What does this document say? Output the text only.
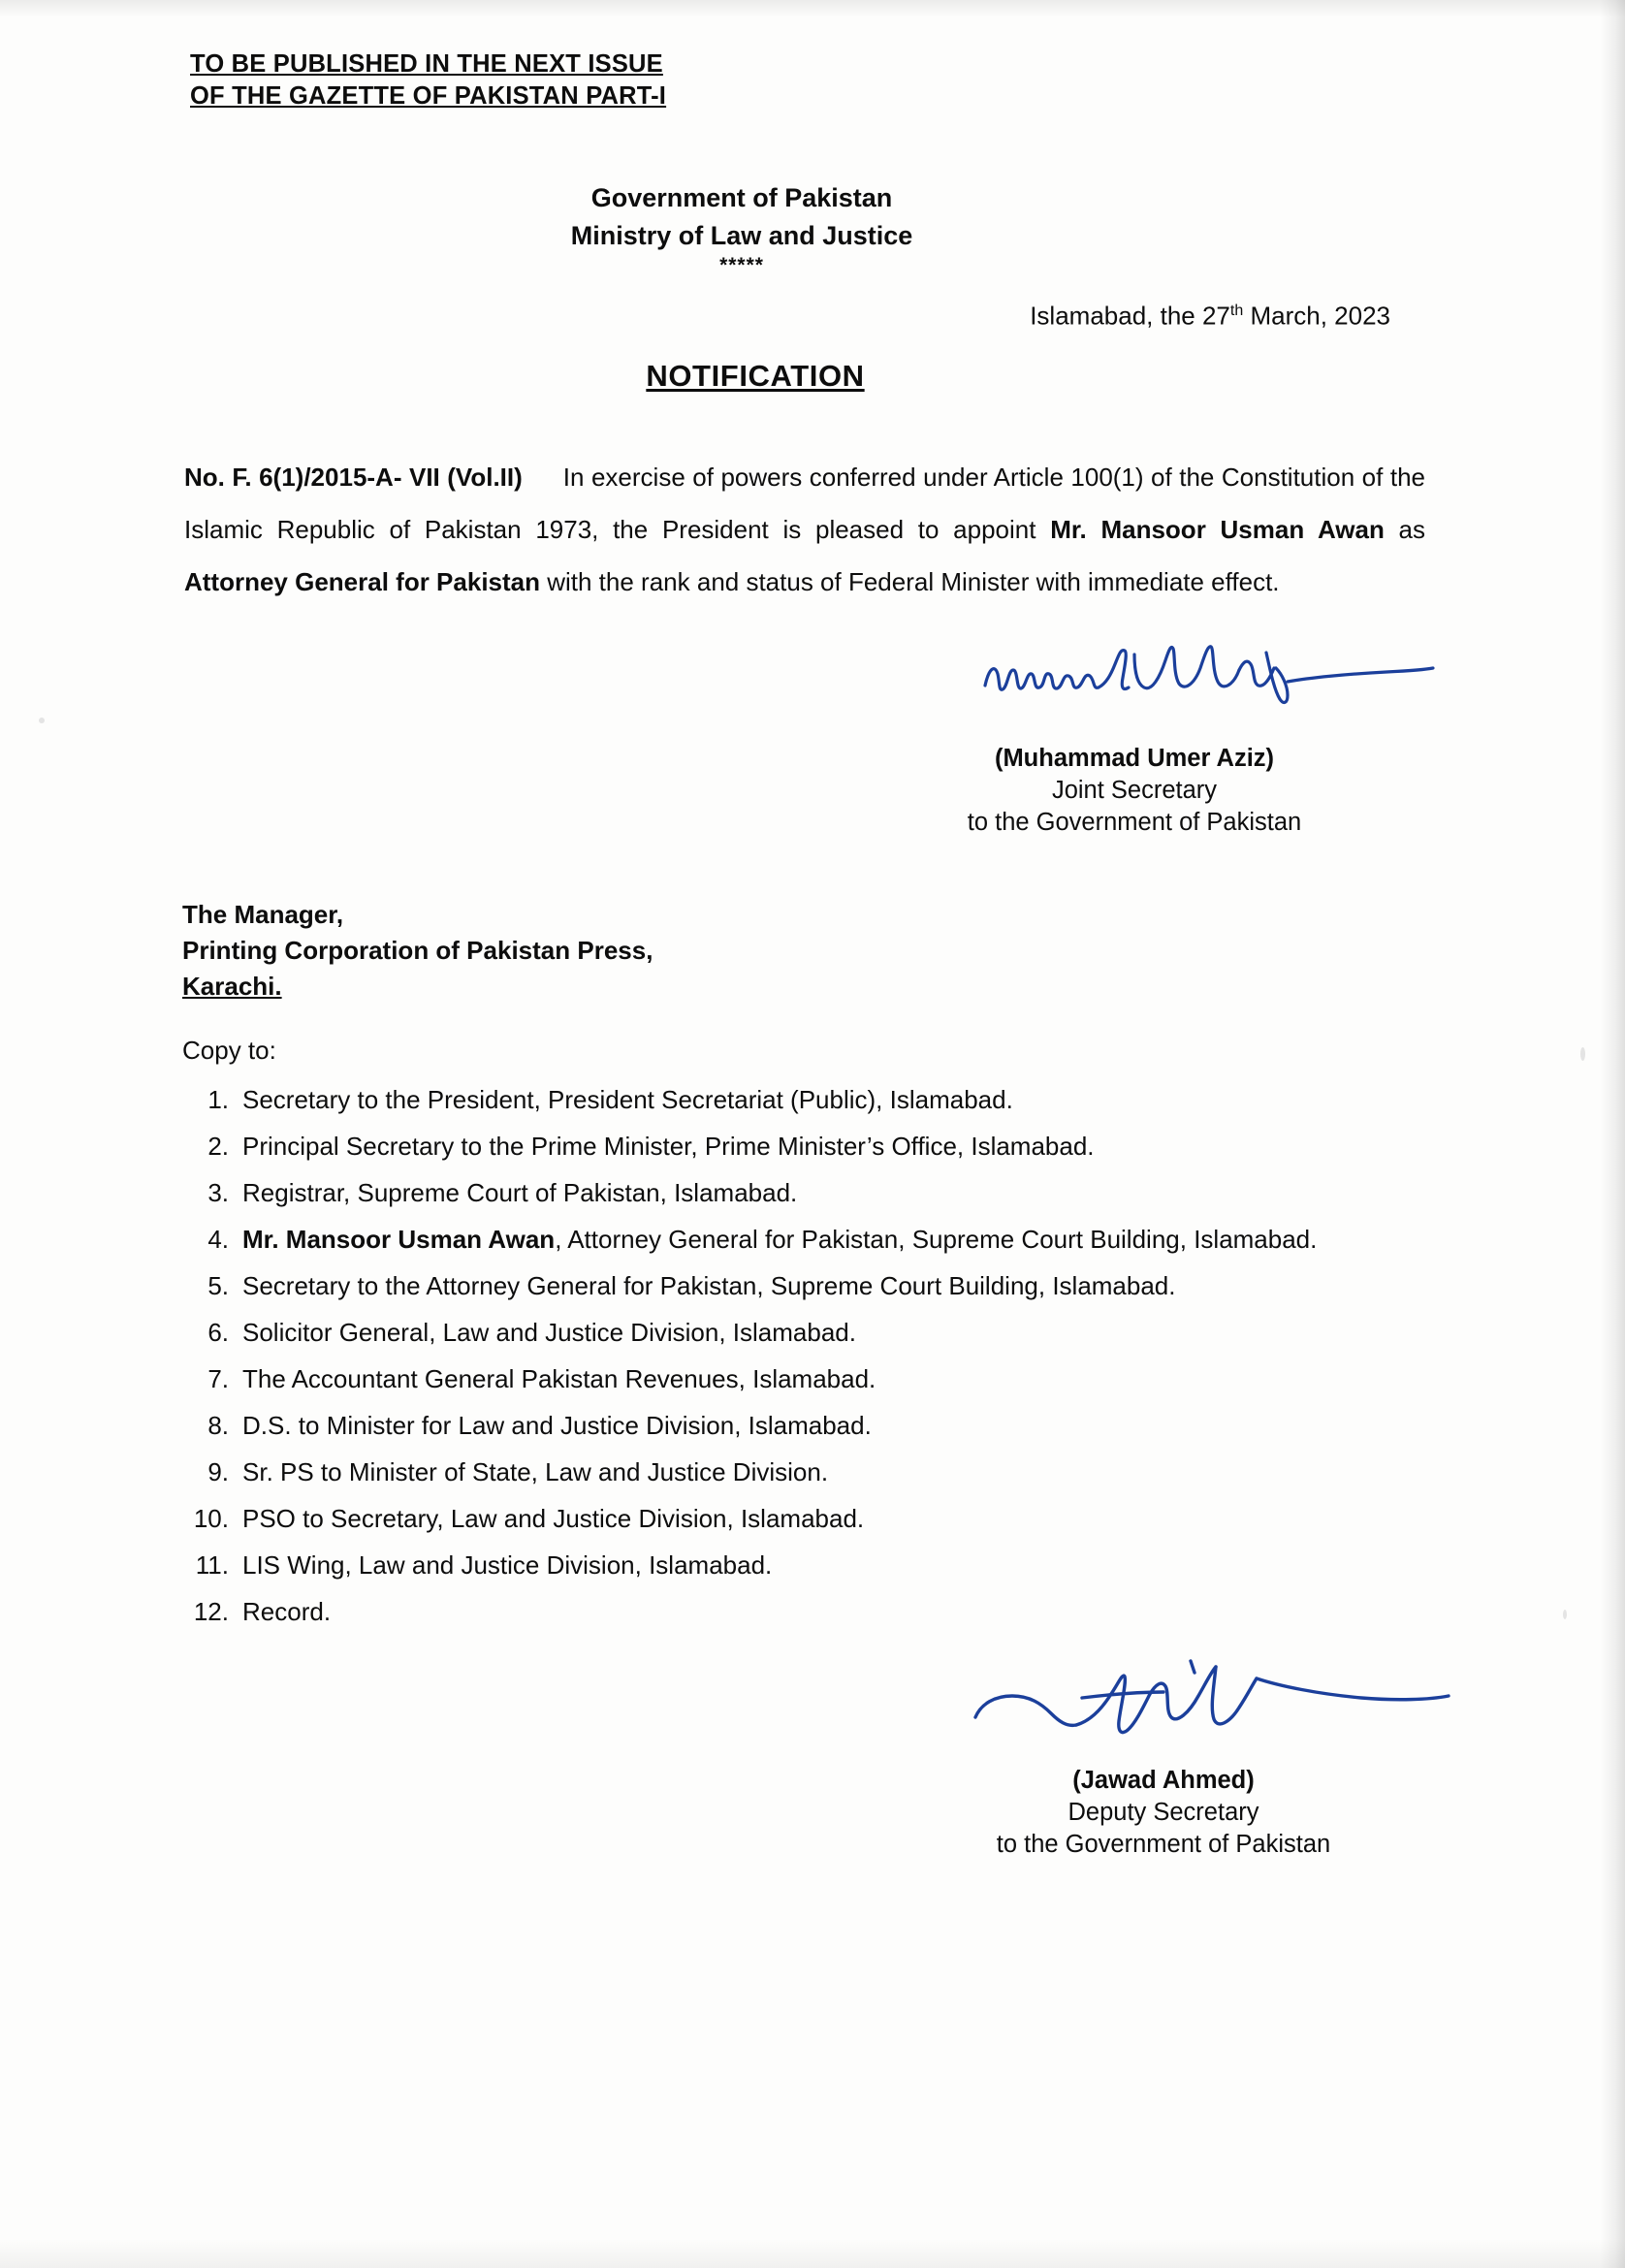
TO BE PUBLISHED IN THE NEXT ISSUE
OF THE GAZETTE OF PAKISTAN PART-I
Government of Pakistan
Ministry of Law and Justice
*****
Islamabad, the 27th March, 2023
NOTIFICATION
No. F. 6(1)/2015-A- VII (Vol.II) In exercise of powers conferred under Article 100(1) of the Constitution of the Islamic Republic of Pakistan 1973, the President is pleased to appoint Mr. Mansoor Usman Awan as Attorney General for Pakistan with the rank and status of Federal Minister with immediate effect.
(Muhammad Umer Aziz)
Joint Secretary
to the Government of Pakistan
The Manager,
Printing Corporation of Pakistan Press,
Karachi.
Copy to:
1. Secretary to the President, President Secretariat (Public), Islamabad.
2. Principal Secretary to the Prime Minister, Prime Minister’s Office, Islamabad.
3. Registrar, Supreme Court of Pakistan, Islamabad.
4. Mr. Mansoor Usman Awan, Attorney General for Pakistan, Supreme Court Building, Islamabad.
5. Secretary to the Attorney General for Pakistan, Supreme Court Building, Islamabad.
6. Solicitor General, Law and Justice Division, Islamabad.
7. The Accountant General Pakistan Revenues, Islamabad.
8. D.S. to Minister for Law and Justice Division, Islamabad.
9. Sr. PS to Minister of State, Law and Justice Division.
10. PSO to Secretary, Law and Justice Division, Islamabad.
11. LIS Wing, Law and Justice Division, Islamabad.
12. Record.
(Jawad Ahmed)
Deputy Secretary
to the Government of Pakistan
